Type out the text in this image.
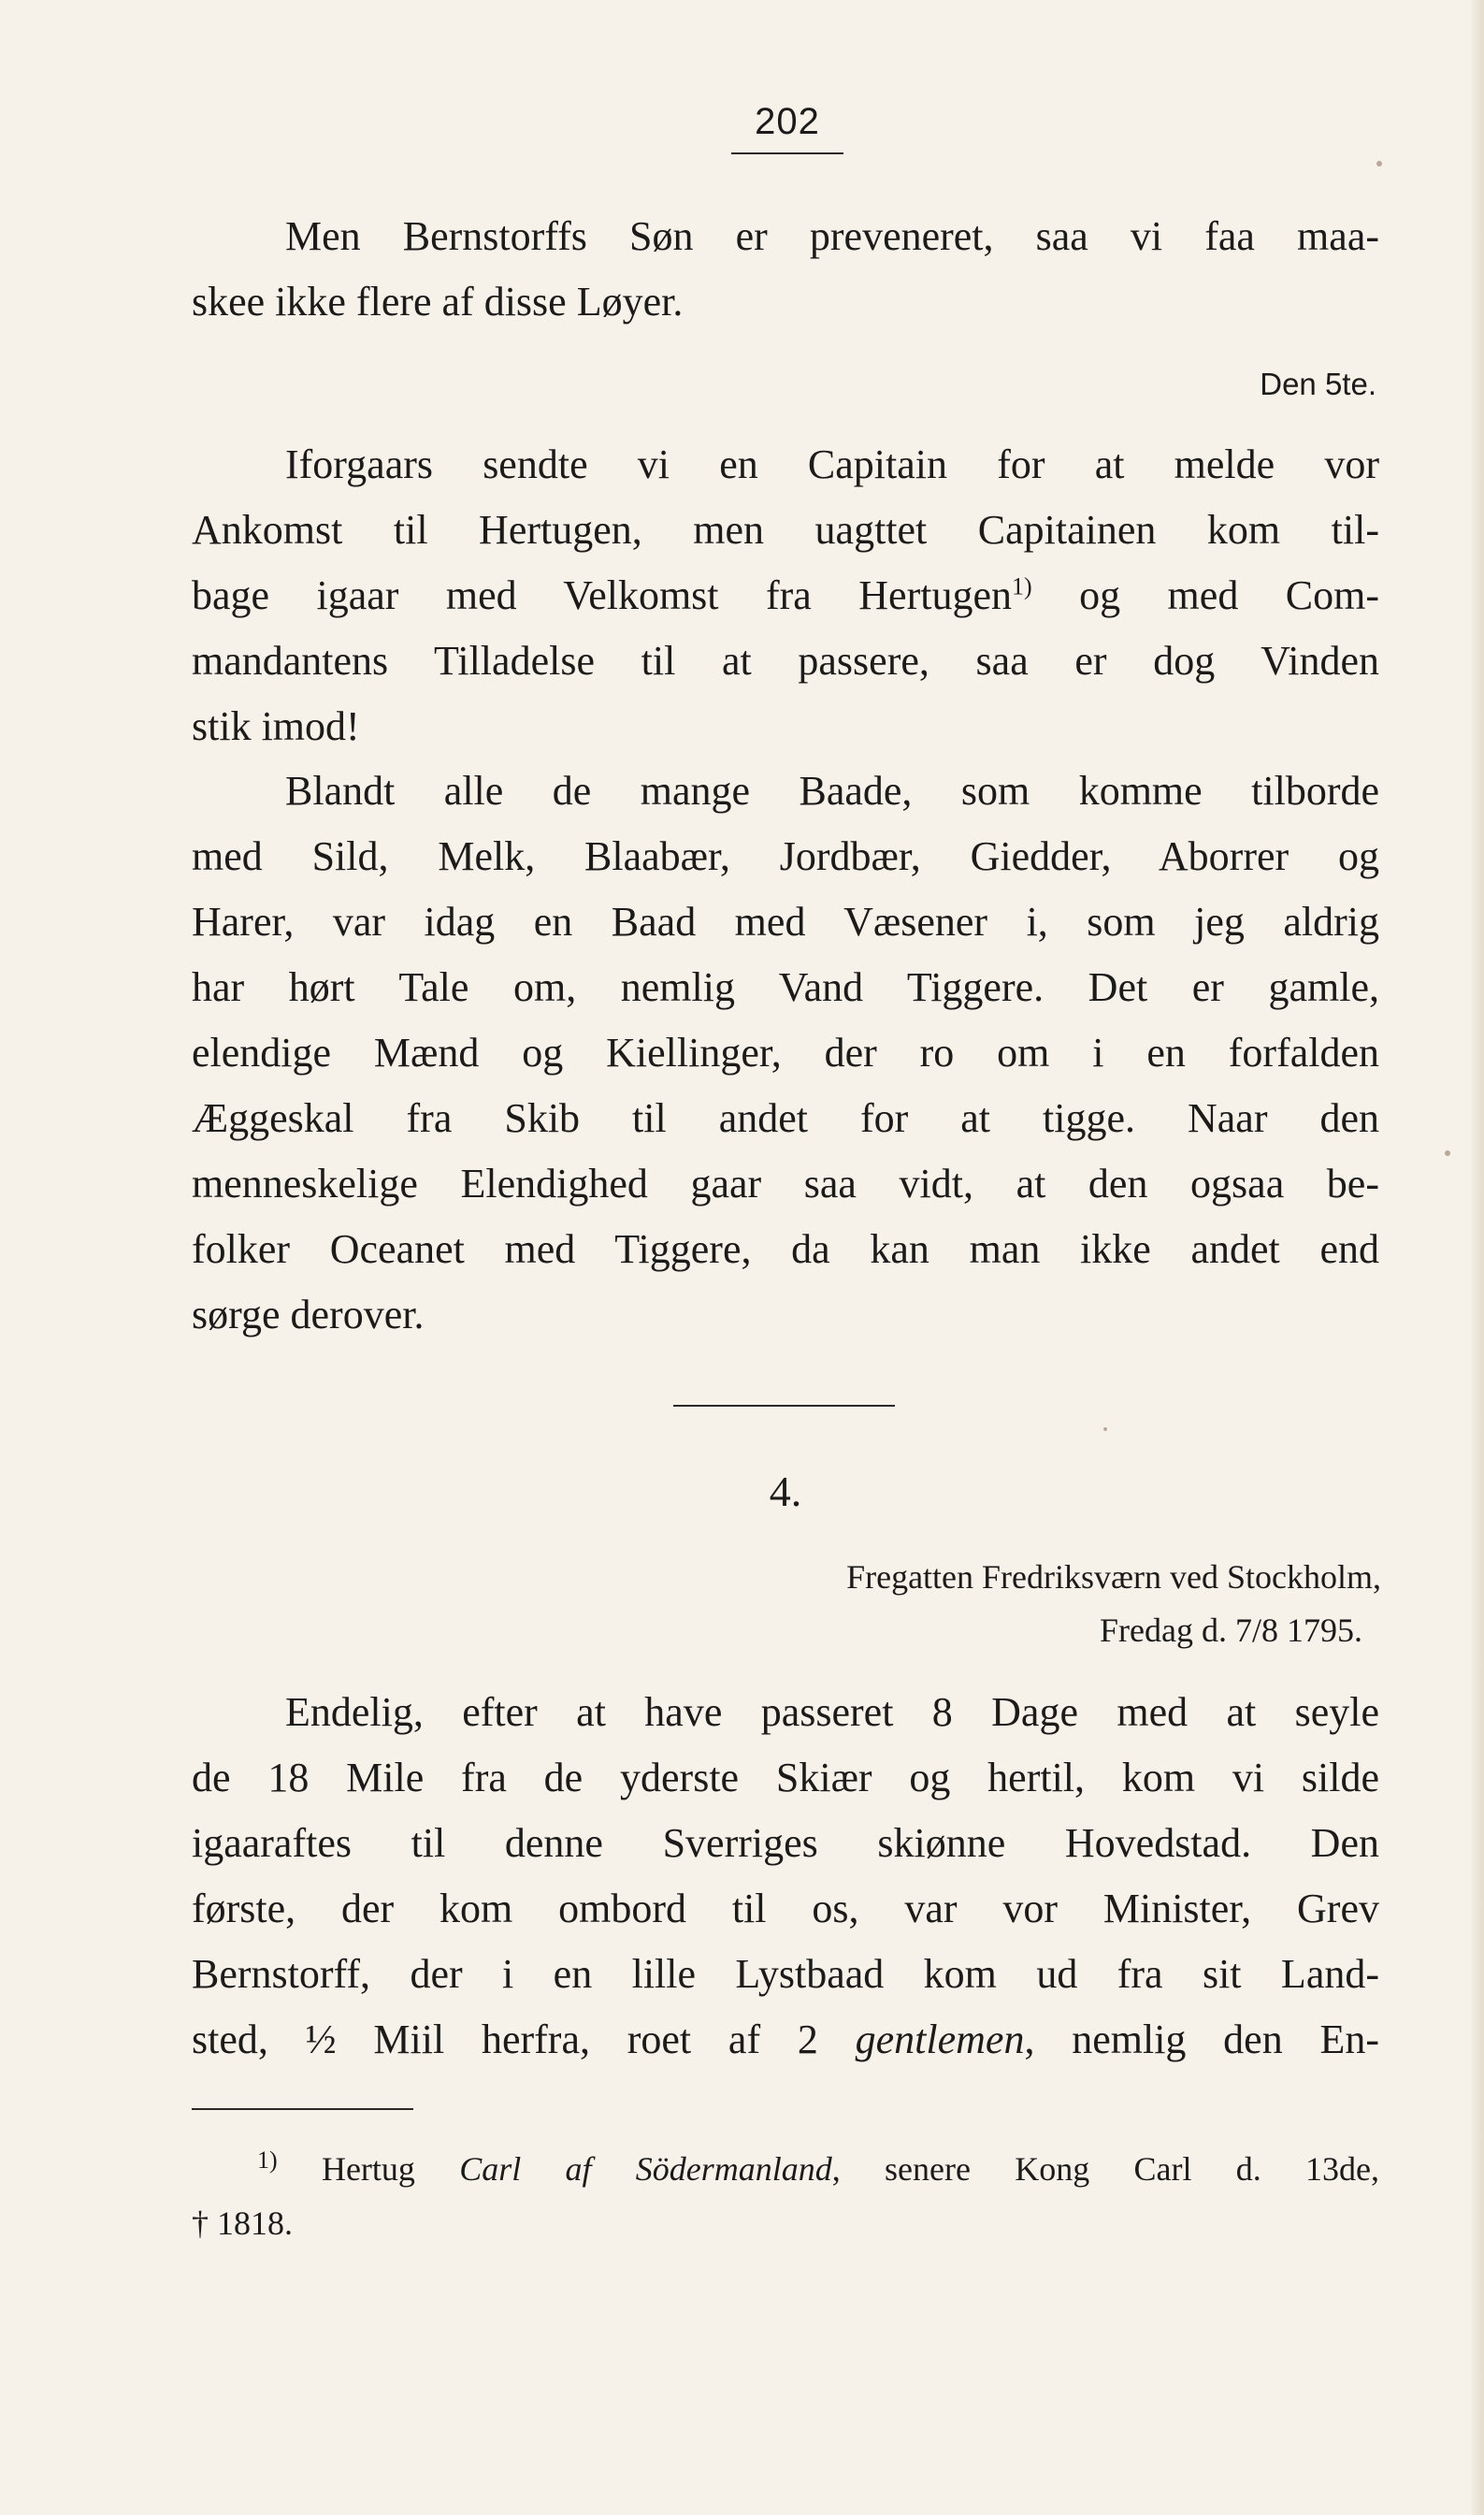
202
Men Bernstorffs Søn er preveneret, saa vi faa maa-
skee ikke flere af disse Løyer.
Den 5te.
Iforgaars sendte vi en Capitain for at melde vor
Ankomst til Hertugen, men uagttet Capitainen kom til-
bage igaar med Velkomst fra Hertugen$^{1)}$ og med Com-
mandantens Tilladelse til at passere, saa er dog Vinden
stik imod!
Blandt alle de mange Baade, som komme tilborde
med Sild, Melk, Blaabær, Jordbær, Giedder, Aborrer og
Harer, var idag en Baad med Væsener i, som jeg aldrig
har hørt Tale om, nemlig Vand Tiggere. Det er gamle,
elendige Mænd og Kiellinger, der ro om i en forfalden
Æggeskal fra Skib til andet for at tigge. Naar den
menneskelige Elendighed gaar saa vidt, at den ogsaa be-
folker Oceanet med Tiggere, da kan man ikke andet end
sørge derover.
4.
Fregatten Fredriksværn ved Stockholm,
Fredag d. 7/8 1795.
Endelig, efter at have passeret 8 Dage med at seyle
de 18 Mile fra de yderste Skiær og hertil, kom vi silde
igaaraftes til denne Sverriges skiønne Hovedstad. Den
første, der kom ombord til os, var vor Minister, Grev
Bernstorff, der i en lille Lystbaad kom ud fra sit Land-
sted, ½ Miil herfra, roet af 2 gentlemen, nemlig den En-
$^{1)}$ Hertug Carl af Södermanland, senere Kong Carl d. 13de,
† 1818.
